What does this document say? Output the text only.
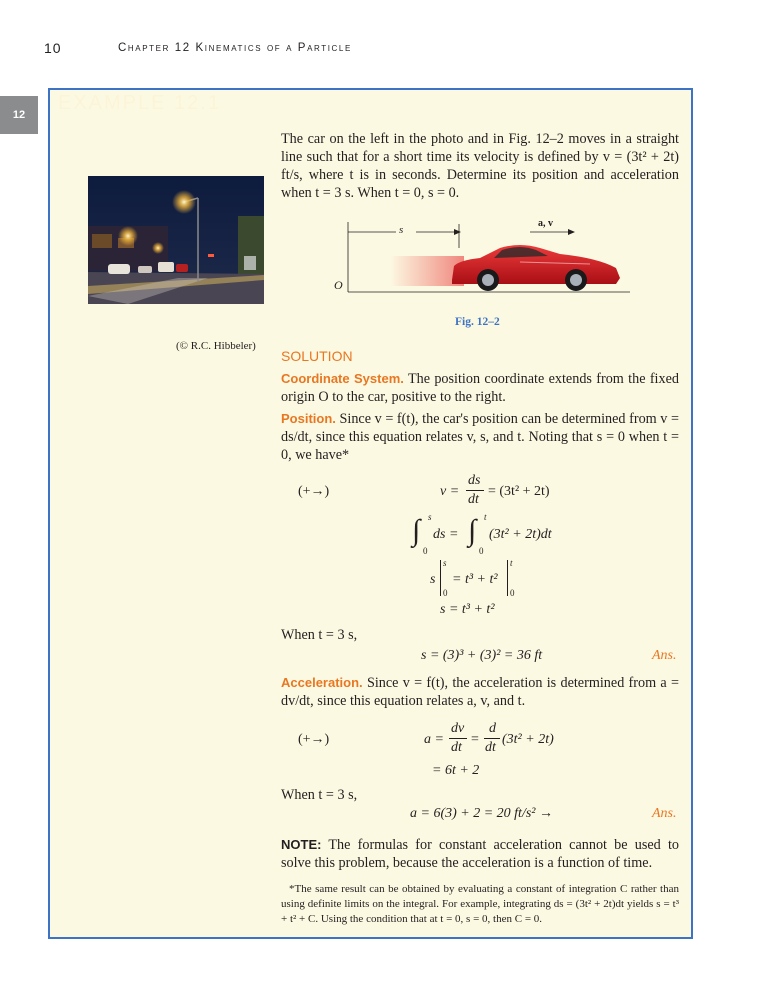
10	Chapter 12 Kinematics of a Particle
12
EXAMPLE 12.1
The car on the left in the photo and in Fig. 12–2 moves in a straight line such that for a short time its velocity is defined by v = (3t² + 2t) ft/s, where t is in seconds. Determine its position and acceleration when t = 3 s. When t = 0, s = 0.
(© R.C. Hibbeler)
s
a, v
O
Fig. 12–2
SOLUTION
Coordinate System. The position coordinate extends from the fixed origin O to the car, positive to the right.
Position. Since v = f(t), the car's position can be determined from v = ds/dt, since this equation relates v, s, and t. Noting that s = 0 when t = 0, we have*
(+→)	v =
ds
dt
= (3t² + 2t)
∫ s
0
ds = ∫ t
0
(3t² + 2t)dt
s
s
0
= t³ + t²
t
0
s = t³ + t²
When t = 3 s,
s = (3)³ + (3)² = 36 ft	Ans.
Acceleration. Since v = f(t), the acceleration is determined from a = dv/dt, since this equation relates a, v, and t.
(+→)	a =
dv
dt
=
d
dt
(3t² + 2t)
= 6t + 2
When t = 3 s,
a = 6(3) + 2 = 20 ft/s² →	Ans.
NOTE: The formulas for constant acceleration cannot be used to solve this problem, because the acceleration is a function of time.
*The same result can be obtained by evaluating a constant of integration C rather than using definite limits on the integral. For example, integrating ds = (3t² + 2t)dt yields s = t³ + t² + C. Using the condition that at t = 0, s = 0, then C = 0.
